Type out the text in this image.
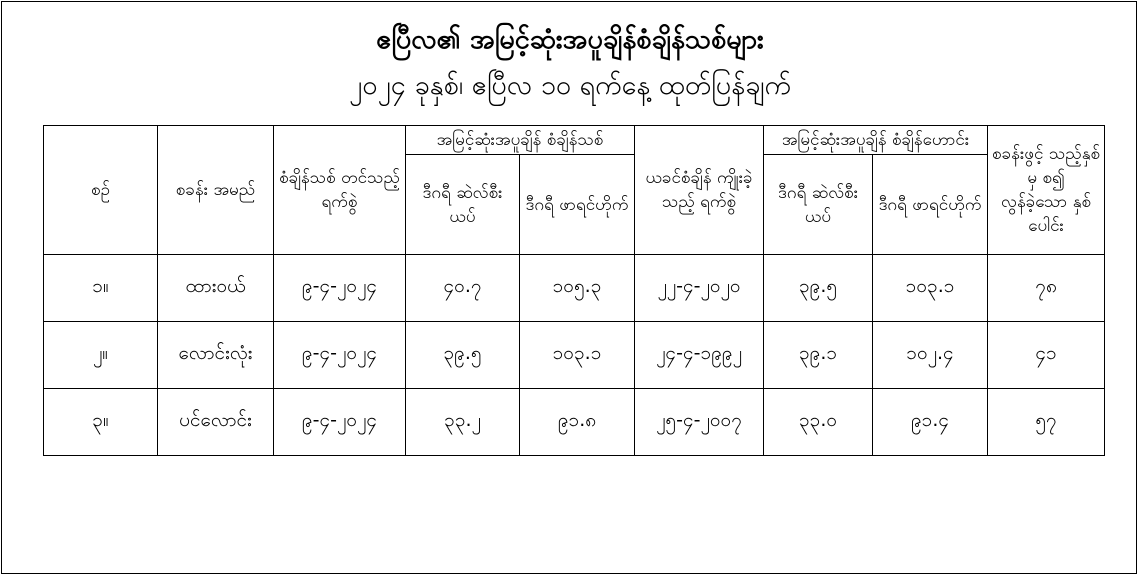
ဧပြီလ၏ အမြင့်ဆုံးအပူချိန်စံချိန်သစ်များ
၂၀၂၄ ခုနှစ်၊ ဧပြီလ ၁၀ ရက်နေ့ ထုတ်ပြန်ချက်
စဉ်	စခန်း အမည်	စံချိန်သစ် တင်သည့် ရက်စွဲ	အမြင့်ဆုံးအပူချိန် စံချိန်သစ်		ယခင်စံချိန် ကျိုးခဲ့သည့် ရက်စွဲ	အမြင့်ဆုံးအပူချိန် စံချိန်ဟောင်း		စခန်းဖွင့် သည့်နှစ်မှ စ၍ လွန်ခဲ့သော နှစ်ပေါင်း
			ဒီဂရီ ဆဲလ်စီး ယပ်	ဒီဂရီ ဖာရင်ဟိုက်		ဒီဂရီ ဆဲလ်စီး ယပ်	ဒီဂရီ ဖာရင်ဟိုက်	
၁။	ထားဝယ်	၉-၄-၂၀၂၄	၄၀.၇	၁၀၅.၃	၂၂-၄-၂၀၂၀	၃၉.၅	၁၀၃.၁	၇၈
၂။	လောင်းလုံး	၉-၄-၂၀၂၄	၃၉.၅	၁၀၃.၁	၂၄-၄-၁၉၉၂	၃၉.၁	၁၀၂.၄	၄၁
၃။	ပင်လောင်း	၉-၄-၂၀၂၄	၃၃.၂	၉၁.၈	၂၅-၄-၂၀၀၇	၃၃.၀	၉၁.၄	၅၇
